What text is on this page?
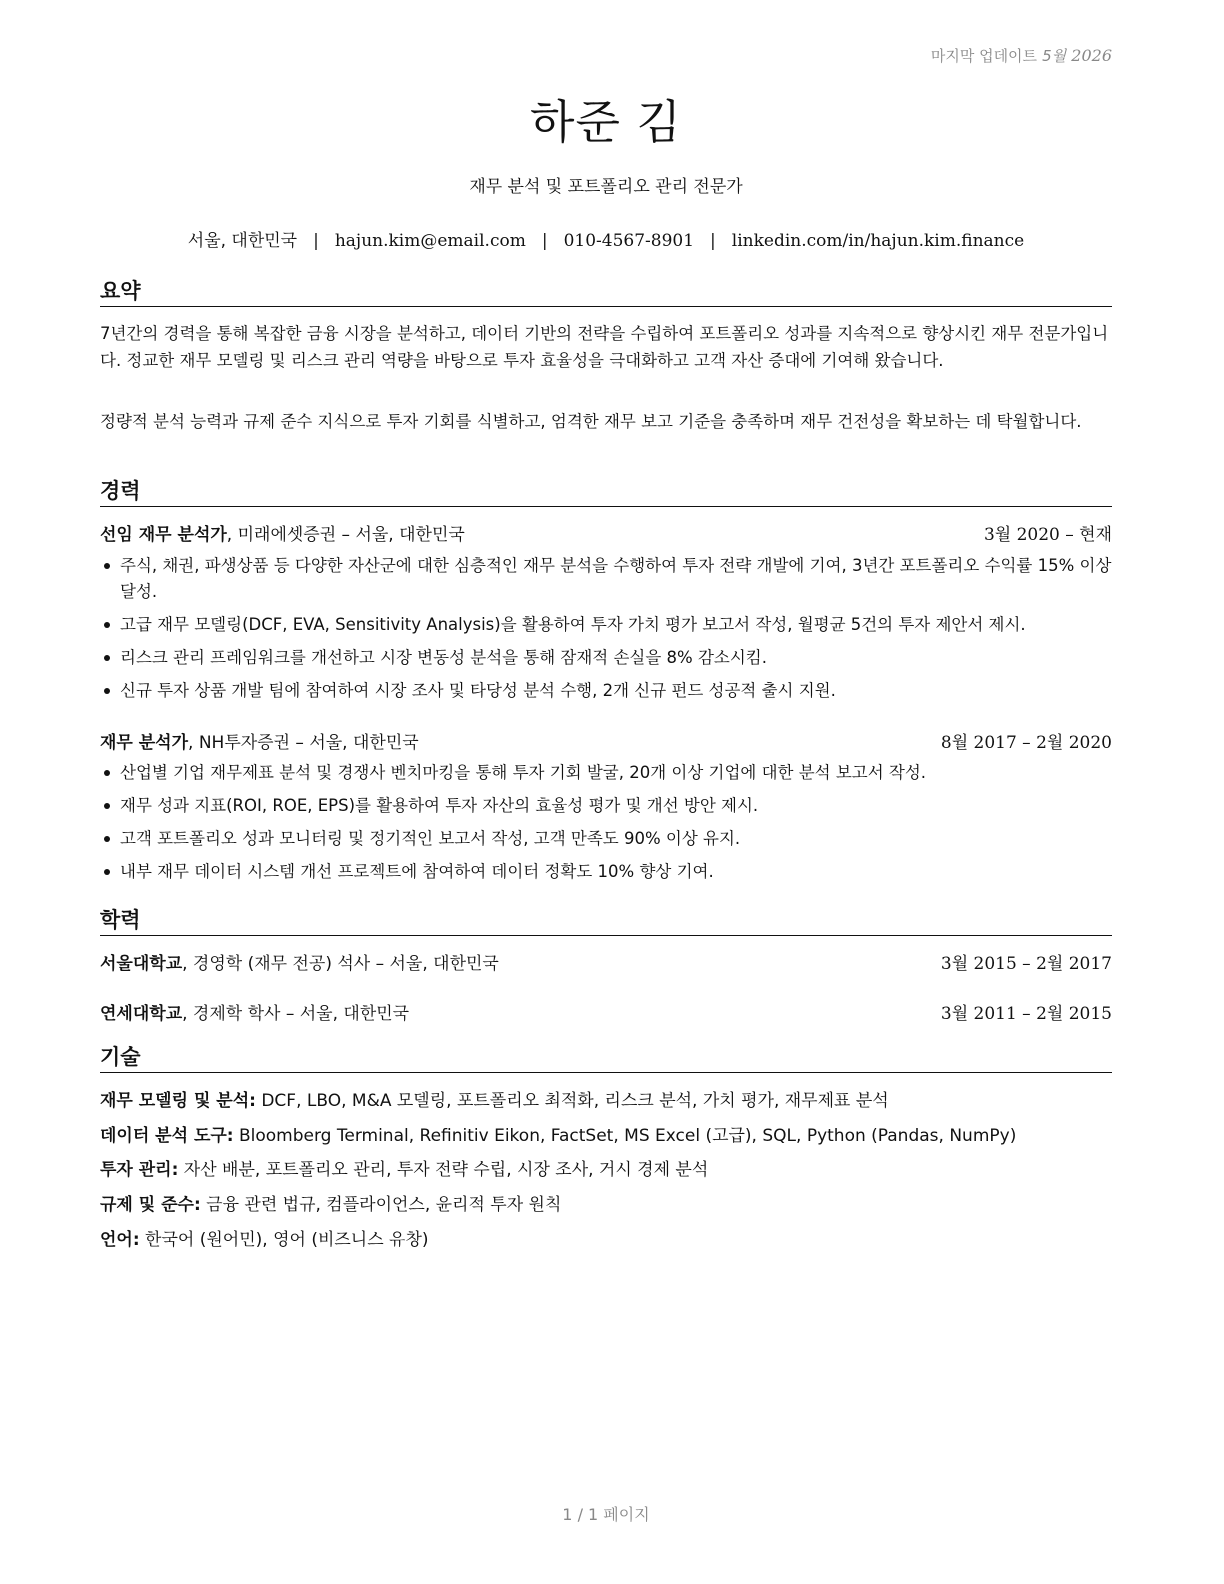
마지막 업데이트 5월 2026
하준 김
재무 분석 및 포트폴리오 관리 전문가
서울, 대한민국 | hajun.kim@email.com | 010-4567-8901 | linkedin.com/in/hajun.kim.finance
요약
7년간의 경력을 통해 복잡한 금융 시장을 분석하고, 데이터 기반의 전략을 수립하여 포트폴리오 성과를 지속적으로 향상시킨 재무 전문가입니다. 정교한 재무 모델링 및 리스크 관리 역량을 바탕으로 투자 효율성을 극대화하고 고객 자산 증대에 기여해 왔습니다.
정량적 분석 능력과 규제 준수 지식으로 투자 기회를 식별하고, 엄격한 재무 보고 기준을 충족하며 재무 건전성을 확보하는 데 탁월합니다.
경력
선임 재무 분석가, 미래에셋증권 – 서울, 대한민국	3월 2020 – 현재
주식, 채권, 파생상품 등 다양한 자산군에 대한 심층적인 재무 분석을 수행하여 투자 전략 개발에 기여, 3년간 포트폴리오 수익률 15% 이상 달성.
고급 재무 모델링(DCF, EVA, Sensitivity Analysis)을 활용하여 투자 가치 평가 보고서 작성, 월평균 5건의 투자 제안서 제시.
리스크 관리 프레임워크를 개선하고 시장 변동성 분석을 통해 잠재적 손실을 8% 감소시킴.
신규 투자 상품 개발 팀에 참여하여 시장 조사 및 타당성 분석 수행, 2개 신규 펀드 성공적 출시 지원.
재무 분석가, NH투자증권 – 서울, 대한민국	8월 2017 – 2월 2020
산업별 기업 재무제표 분석 및 경쟁사 벤치마킹을 통해 투자 기회 발굴, 20개 이상 기업에 대한 분석 보고서 작성.
재무 성과 지표(ROI, ROE, EPS)를 활용하여 투자 자산의 효율성 평가 및 개선 방안 제시.
고객 포트폴리오 성과 모니터링 및 정기적인 보고서 작성, 고객 만족도 90% 이상 유지.
내부 재무 데이터 시스템 개선 프로젝트에 참여하여 데이터 정확도 10% 향상 기여.
학력
서울대학교, 경영학 (재무 전공) 석사 – 서울, 대한민국	3월 2015 – 2월 2017
연세대학교, 경제학 학사 – 서울, 대한민국	3월 2011 – 2월 2015
기술
재무 모델링 및 분석: DCF, LBO, M&A 모델링, 포트폴리오 최적화, 리스크 분석, 가치 평가, 재무제표 분석
데이터 분석 도구: Bloomberg Terminal, Refinitiv Eikon, FactSet, MS Excel (고급), SQL, Python (Pandas, NumPy)
투자 관리: 자산 배분, 포트폴리오 관리, 투자 전략 수립, 시장 조사, 거시 경제 분석
규제 및 준수: 금융 관련 법규, 컴플라이언스, 윤리적 투자 원칙
언어: 한국어 (원어민), 영어 (비즈니스 유창)
1 / 1 페이지
